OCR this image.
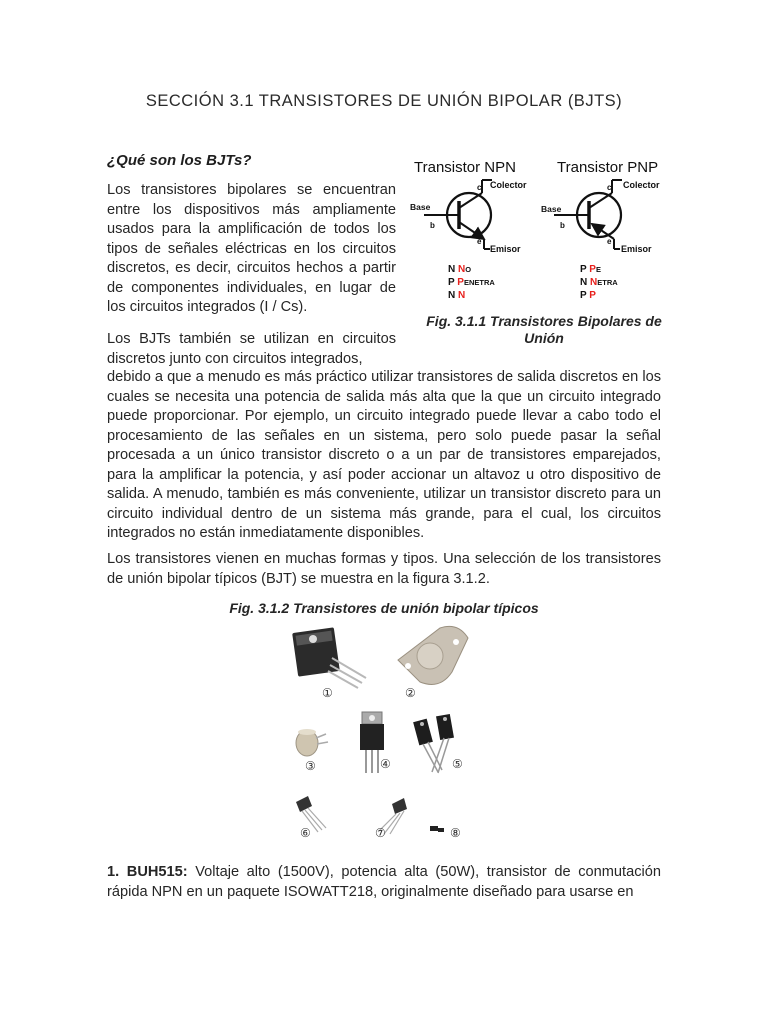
SECCIÓN 3.1 TRANSISTORES DE UNIÓN BIPOLAR (BJTS)
¿Qué son los BJTs?
Los transistores bipolares se encuentran entre los dispositivos más ampliamente usados para la amplificación de todos los tipos de señales eléctricas en los circuitos discretos, es decir, circuitos hechos a partir de componentes individuales, en lugar de los circuitos integrados (I / Cs).
Los BJTs también se utilizan en circuitos discretos junto con circuitos integrados,
debido a que a menudo es más práctico utilizar transistores de salida discretos en los cuales se necesita una potencia de salida más alta que la que un circuito integrado puede proporcionar. Por ejemplo, un circuito integrado puede llevar a cabo todo el procesamiento de las señales en un sistema, pero solo puede pasar la señal procesada a un único transistor discreto o a un par de transistores emparejados, para la amplificar la potencia, y así poder accionar un altavoz u otro dispositivo de salida. A menudo, también es más conveniente, utilizar un transistor discreto para un circuito individual dentro de un sistema más grande, para el cual, los circuitos integrados no están inmediatamente disponibles.
Los transistores vienen en muchas formas y tipos. Una selección de los transistores de unión bipolar típicos (BJT) se muestra en la figura 3.1.2.
Transistor NPN
c Colector
Base
b
e
Emisor
N NO
P PENETRA
N N
Transistor PNP
c Colector
Base
b
e
Emisor
P PE
N NETRA
P P
Fig. 3.1.1 Transistores Bipolares de Unión
Fig. 3.1.2 Transistores de unión bipolar típicos
①	②
③	④	⑤
⑥	⑦	⑧
1. BUH515: Voltaje alto (1500V), potencia alta (50W), transistor de conmutación rápida NPN en un paquete ISOWATT218, originalmente diseñado para usarse en
